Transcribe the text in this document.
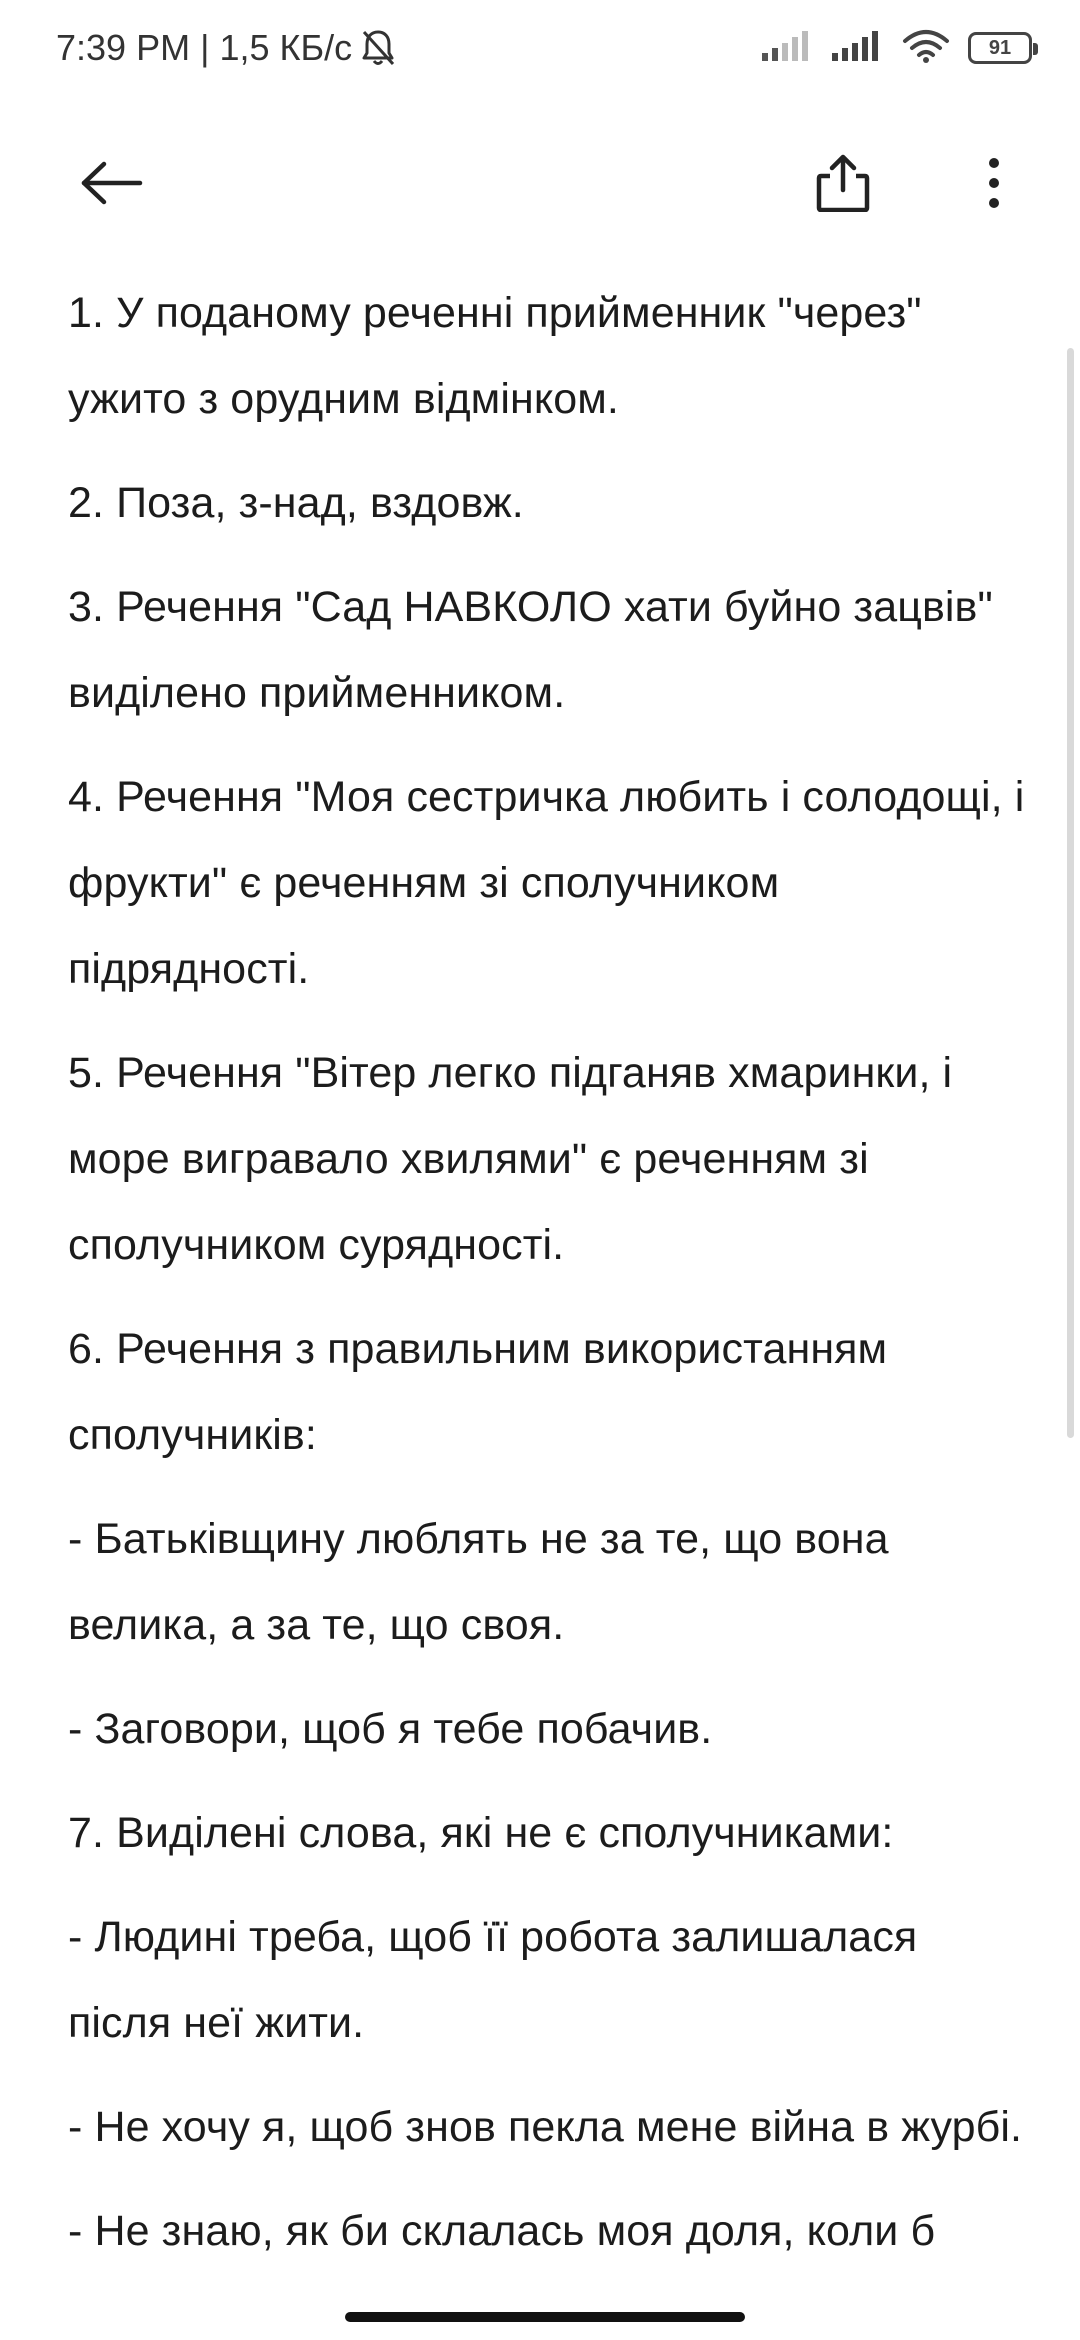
7:39 PM | 1,5 КБ/с	91

1. У поданому реченні прийменник "через" ужито з орудним відмінком.

2. Поза, з-над, вздовж.

3. Речення "Сад НАВКОЛО хати буйно зацвів" виділено прийменником.

4. Речення "Моя сестричка любить і солодощі, і фрукти" є реченням зі сполучником підрядності.

5. Речення "Вітер легко підганяв хмаринки, і море вигравало хвилями" є реченням зі сполучником сурядності.

6. Речення з правильним використанням сполучників:

- Батьківщину люблять не за те, що вона велика, а за те, що своя.

- Заговори, щоб я тебе побачив.

7. Виділені слова, які не є сполучниками:

- Людині треба, щоб її робота залишалася після неї жити.

- Не хочу я, щоб знов пекла мене війна в журбі.

- Не знаю, як би склалась моя доля, коли б
